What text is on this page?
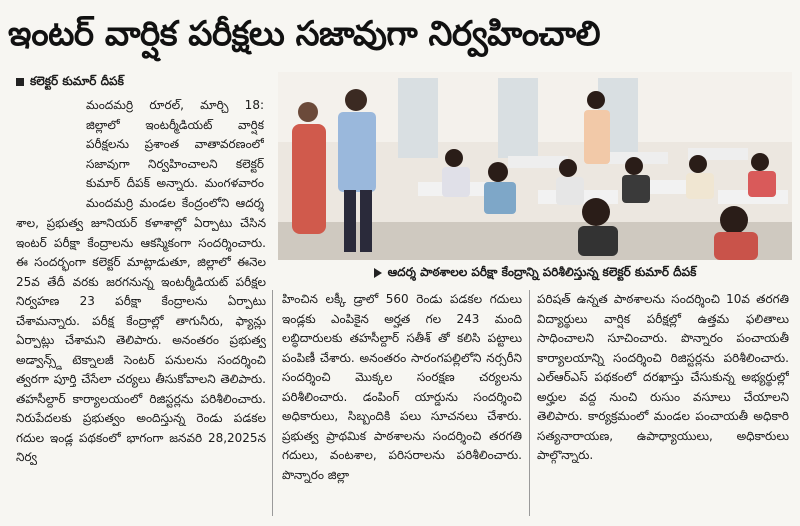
ఇంటర్ వార్షిక పరీక్షలు సజావుగా నిర్వహించాలి
కలెక్టర్ కుమార్ దీపక్
మందమర్రి రూరల్, మార్చి 18: జిల్లాలో ఇంటర్మీడియట్ వార్షిక పరీక్షలను ప్రశాంత వాతావరణంలో సజావుగా నిర్వహించాలని కలెక్టర్ కుమార్ దీపక్ అన్నారు. మంగళవారం మందమర్రి మండల కేంద్రంలోని ఆదర్శ
శాల, ప్రభుత్వ జూనియర్ కళాశాల్లో ఏర్పాటు చేసిన ఇంటర్ పరీక్షా కేంద్రాలను ఆకస్మికంగా సందర్శించారు. ఈ సందర్భంగా కలెక్టర్ మాట్లాడుతూ, జిల్లాలో ఈనెల 25వ తేదీ వరకు జరగనున్న ఇంటర్మీడియట్ పరీక్షల నిర్వహణ 23 పరీక్షా కేంద్రాలను ఏర్పాటు చేశామన్నారు. పరీక్ష కేంద్రాల్లో తాగునీరు, ఫ్యాన్లు ఏర్పాట్లు చేశామని తెలిపారు. అనంతరం ప్రభుత్వ అడ్వాన్స్డ్ టెక్నాలజీ సెంటర్ పనులను సందర్శించి త్వరగా పూర్తి చేసేలా చర్యలు తీసుకోవాలని తెలిపారు. తహసీల్దార్ కార్యాలయంలో రిజిస్టర్లను పరిశీలించారు. నిరుపేదలకు ప్రభుత్వం అందిస్తున్న రెండు పడకల గదుల ఇండ్ల పథకంలో భాగంగా జనవరి 28,2025న నిర్వ
ఆదర్శ పాఠశాలల పరీక్షా కేంద్రాన్ని పరిశీలిస్తున్న కలెక్టర్ కుమార్ దీపక్
హించిన లక్కీ డ్రాలో 560 రెండు పడకల గదులు ఇండ్లకు ఎంపికైన అర్హత గల 243 మంది లబ్ధిదారులకు తహసీల్దార్ సతీశ్ తో కలిసి పట్టాలు పంపిణీ చేశారు. అనంతరం సారంగపల్లిలోని నర్సరీని సందర్శించి మొక్కల సంరక్షణ చర్యలను పరిశీలించారు. డంపింగ్ యార్డును సందర్శించి అధికారులు, సిబ్బందికి పలు సూచనలు చేశారు. ప్రభుత్వ ప్రాథమిక పాఠశాలను సందర్శించి తరగతి గదులు, వంటశాల, పరిసరాలను పరిశీలించారు. పొన్నారం జిల్లా
పరిషత్ ఉన్నత పాఠశాలను సందర్శించి 10వ తరగతి విద్యార్థులు వార్షిక పరీక్షల్లో ఉత్తమ ఫలితాలు సాధించాలని సూచించారు. పొన్నారం పంచాయతీ కార్యాలయాన్ని సందర్శించి రిజిస్టర్లను పరిశీలించారు. ఎల్ఆర్ఎస్ పథకంలో దరఖాస్తు చేసుకున్న అభ్యర్థుల్లో అర్హుల వద్ద నుంచి రుసుం వసూలు చేయాలని తెలిపారు. కార్యక్రమంలో మండల పంచాయతీ అధికారి సత్యనారాయణ, ఉపాధ్యాయులు, అధికారులు పాల్గొన్నారు.
